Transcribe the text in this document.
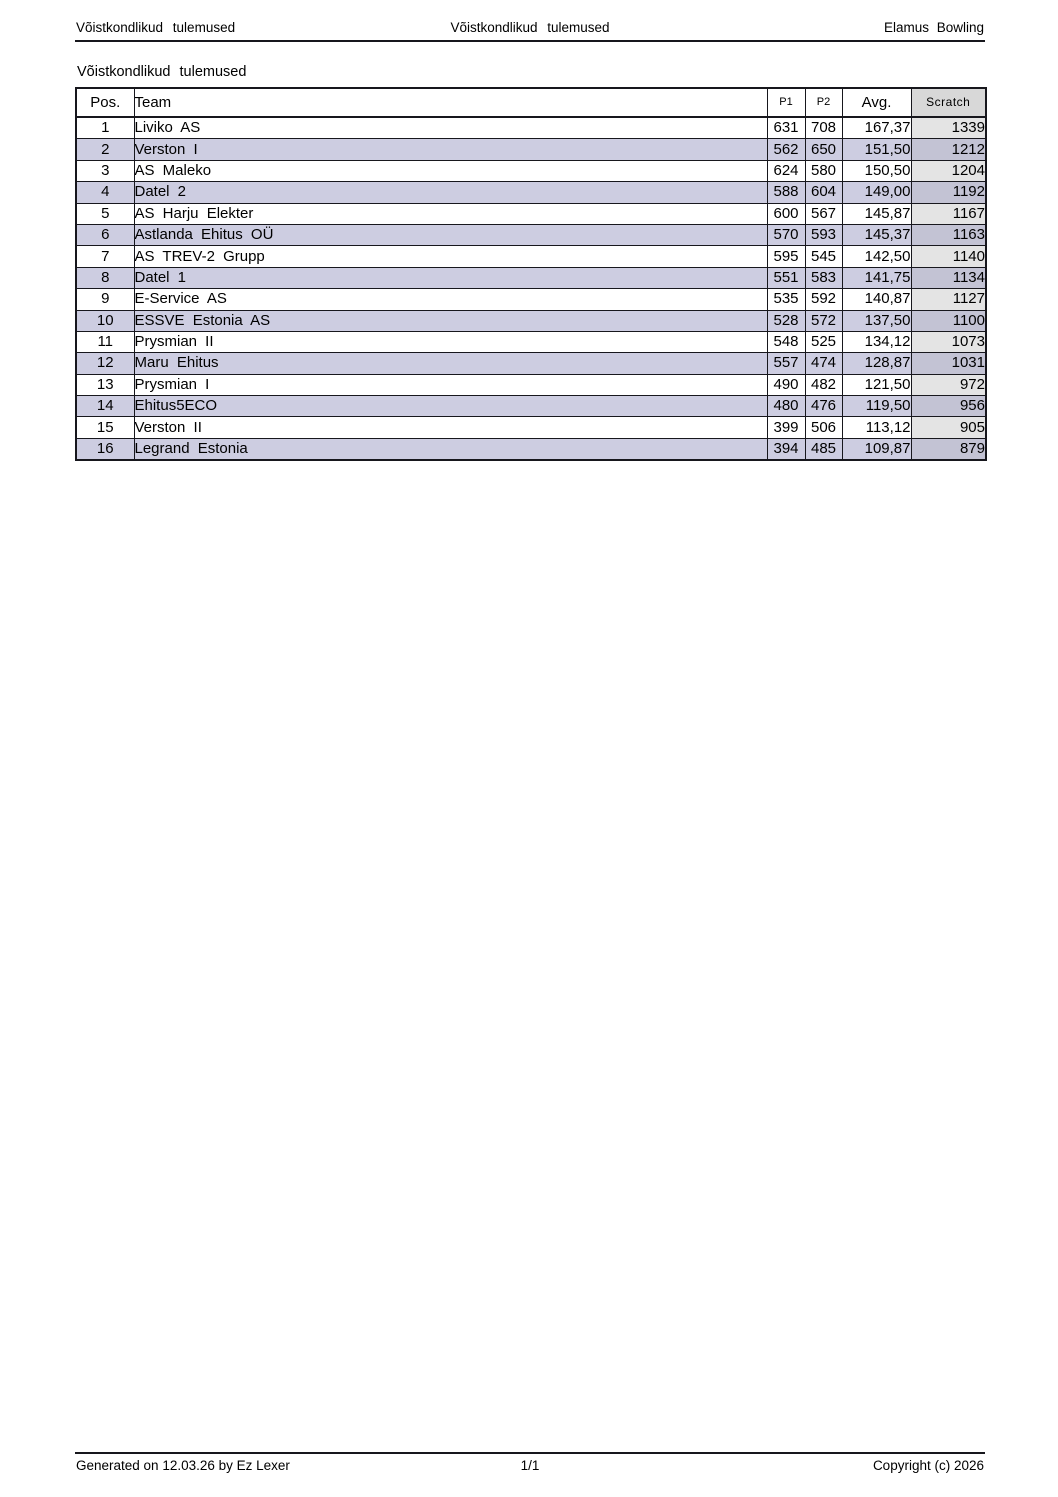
Võistkondlikud tulemused	Võistkondlikud tulemused	Elamus Bowling
Võistkondlikud tulemused
Pos.	Team	P1	P2	Avg.	Scratch
1	Liviko AS	631	708	167,37	1339
2	Verston I	562	650	151,50	1212
3	AS Maleko	624	580	150,50	1204
4	Datel 2	588	604	149,00	1192
5	AS Harju Elekter	600	567	145,87	1167
6	Astlanda Ehitus OÜ	570	593	145,37	1163
7	AS TREV-2 Grupp	595	545	142,50	1140
8	Datel 1	551	583	141,75	1134
9	E-Service AS	535	592	140,87	1127
10	ESSVE Estonia AS	528	572	137,50	1100
11	Prysmian II	548	525	134,12	1073
12	Maru Ehitus	557	474	128,87	1031
13	Prysmian I	490	482	121,50	972
14	Ehitus5ECO	480	476	119,50	956
15	Verston II	399	506	113,12	905
16	Legrand Estonia	394	485	109,87	879
Generated on 12.03.26 by Ez Lexer	1/1	Copyright (c) 2026
